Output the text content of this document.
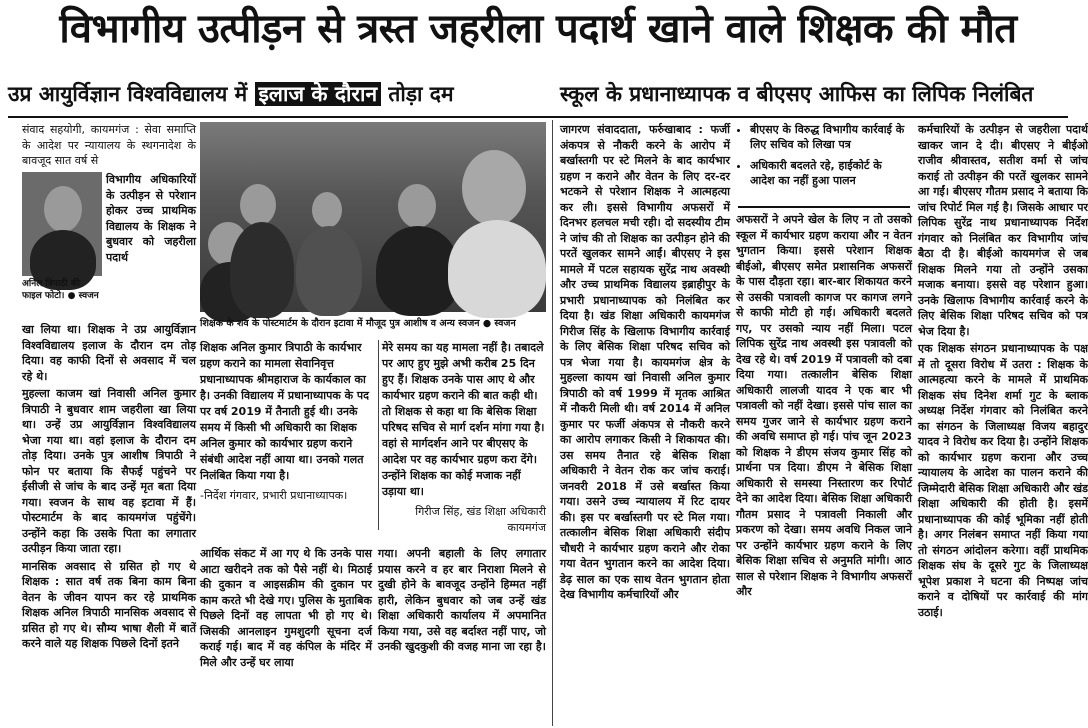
विभागीय उत्पीड़न से त्रस्त जहरीला पदार्थ खाने वाले शिक्षक की मौत
उप्र आयुर्विज्ञान विश्वविद्यालय में इलाज के दौरान तोड़ा दम	स्कूल के प्रधानाध्यापक व बीएसए आफिस का लिपिक निलंबित

संवाद सहयोगी, कायमगंज : सेवा समाप्ति के आदेश पर न्यायालय के स्थगनादेश के बावजूद सात वर्ष से

अनिल त्रिपाठी की फाइल फोटो। ● स्वजन

विभागीय अधिकारियों के उत्पीड़न से परेशान होकर उच्च प्राथमिक विद्यालय के शिक्षक ने बुधवार को जहरीला पदार्थ

खा लिया था। शिक्षक ने उप्र आयुर्विज्ञान विश्वविद्यालय इलाज के दौरान दम तोड़ दिया। वह काफी दिनों से अवसाद में चल रहे थे।

मुहल्ला काजम खां निवासी अनिल कुमार त्रिपाठी ने बुधवार शाम जहरीला खा लिया था। उन्हें उप्र आयुर्विज्ञान विश्वविद्यालय भेजा गया था। वहां इलाज के दौरान दम तोड़ दिया। उनके पुत्र आशीष त्रिपाठी ने फोन पर बताया कि सैफई पहुंचने पर ईसीजी से जांच के बाद उन्हें मृत बता दिया गया। स्वजन के साथ वह इटावा में हैं। पोस्टमार्टम के बाद कायमगंज पहुंचेंगे। उन्होंने कहा कि उसके पिता का लगातार उत्पीड़न किया जाता रहा।

मानसिक अवसाद से ग्रसित हो गए थे शिक्षक : सात वर्ष तक बिना काम बिना वेतन के जीवन यापन कर रहे प्राथमिक शिक्षक अनिल त्रिपाठी मानसिक अवसाद से ग्रसित हो गए थे। सौम्य भाषा शैली में बातें करने वाले यह शिक्षक पिछले दिनों इतने

शिक्षक के शव के पोस्टमार्टम के दौरान इटावा में मौजूद पुत्र आशीष व अन्य स्वजन ● स्वजन
शिक्षक अनिल कुमार त्रिपाठी के कार्यभार ग्रहण कराने का मामला सेवानिवृत्त प्रधानाध्यापक श्रीमहाराज के कार्यकाल का है। उनकी विद्यालय में प्रधानाध्यापक के पद पर वर्ष 2019 में तैनाती हुई थी। उनके समय में किसी भी अधिकारी का शिक्षक अनिल कुमार को कार्यभार ग्रहण कराने संबंधी आदेश नहीं आया था। उनको गलत निलंबित किया गया है।
-निर्देश गंगवार, प्रभारी प्रधानाध्यापक।
मेरे समय का यह मामला नहीं है। तबादले पर आए हुए मुझे अभी करीब 25 दिन हुए हैं। शिक्षक उनके पास आए थे और कार्यभार ग्रहण कराने की बात कही थी। तो शिक्षक से कहा था कि बेसिक शिक्षा परिषद सचिव से मार्ग दर्शन मांगा गया है। वहां से मार्गदर्शन आने पर बीएसए के आदेश पर वह कार्यभार ग्रहण करा देंगे। उन्होंने शिक्षक का कोई मजाक नहीं उड़ाया था।
गिरीज सिंह, खंड शिक्षा अधिकारी कायमगंज

आर्थिक संकट में आ गए थे कि उनके पास आटा खरीदने तक को पैसे नहीं थे। मिठाई की दुकान व आइसक्रीम की दुकान पर काम करते भी देखे गए। पुलिस के मुताबिक पिछले दिनों वह लापता भी हो गए थे। जिसकी आनलाइन गुमशुदगी सूचना दर्ज कराई गई। बाद में वह कंपिल के मंदिर में मिले और उन्हें घर लाया

गया। अपनी बहाली के लिए लगातार प्रयास करने व हर बार निराशा मिलने से दुखी होने के बावजूद उन्होंने हिम्मत नहीं हारी, लेकिन बुधवार को जब उन्हें खंड शिक्षा अधिकारी कार्यालय में अपमानित किया गया, उसे वह बर्दाश्त नहीं पाए, जो उनकी खुदकुशी की वजह माना जा रहा है।

जागरण संवाददाता, फर्रुखाबाद : फर्जी अंकपत्र से नौकरी करने के आरोप में बर्खास्तगी पर स्टे मिलने के बाद कार्यभार ग्रहण न कराने और वेतन के लिए दर-दर भटकने से परेशान शिक्षक ने आत्महत्या कर ली। इससे विभागीय अफसरों में दिनभर हलचल मची रही। दो सदस्यीय टीम ने जांच की तो शिक्षक का उत्पीड़न होने की परतें खुलकर सामने आईं। बीएसए ने इस मामले में पटल सहायक सुरेंद्र नाथ अवस्थी और उच्च प्राथमिक विद्यालय इब्राहीपुर के प्रभारी प्रधानाध्यापक को निलंबित कर दिया है। खंड शिक्षा अधिकारी कायमगंज गिरीज सिंह के खिलाफ विभागीय कार्रवाई के लिए बेसिक शिक्षा परिषद सचिव को पत्र भेजा गया है। कायमगंज क्षेत्र के मुहल्ला कायम खां निवासी अनिल कुमार त्रिपाठी को वर्ष 1999 में मृतक आश्रित में नौकरी मिली थी। वर्ष 2014 में अनिल कुमार पर फर्जी अंकपत्र से नौकरी करने का आरोप लगाकर किसी ने शिकायत की। उस समय तैनात रहे बेसिक शिक्षा अधिकारी ने वेतन रोक कर जांच कराई। जनवरी 2018 में उसे बर्खास्त किया गया। उसने उच्च न्यायालय में रिट दायर की। इस पर बर्खास्तगी पर स्टे मिल गया। तत्कालीन बेसिक शिक्षा अधिकारी संदीप चौधरी ने कार्यभार ग्रहण कराने और रोका गया वेतन भुगतान करने का आदेश दिया। डेढ़ साल का एक साथ वेतन भुगतान होता देख विभागीय कर्मचारियों और

• बीएसए के विरुद्ध विभागीय कार्रवाई के लिए सचिव को लिखा पत्र
• अधिकारी बदलते रहे, हाईकोर्ट के आदेश का नहीं हुआ पालन

अफसरों ने अपने खेल के लिए न तो उसको स्कूल में कार्यभार ग्रहण कराया और न वेतन भुगतान किया। इससे परेशान शिक्षक बीईओ, बीएसए समेत प्रशासनिक अफसरों के पास दौड़ता रहा। बार-बार शिकायत करने से उसकी पत्रावली कागज पर कागज लगने से काफी मोटी हो गई। अधिकारी बदलते गए, पर उसको न्याय नहीं मिला। पटल लिपिक सुरेंद्र नाथ अवस्थी इस पत्रावली को देख रहे थे। वर्ष 2019 में पत्रावली को दबा दिया गया। तत्कालीन बेसिक शिक्षा अधिकारी लालजी यादव ने एक बार भी पत्रावली को नहीं देखा। इससे पांच साल का समय गुजर जाने से कार्यभार ग्रहण कराने की अवधि समाप्त हो गई। पांच जून 2023 को शिक्षक ने डीएम संजय कुमार सिंह को प्रार्थना पत्र दिया। डीएम ने बेसिक शिक्षा अधिकारी से समस्या निस्तारण कर रिपोर्ट देने का आदेश दिया। बेसिक शिक्षा अधिकारी गौतम प्रसाद ने पत्रावली निकाली और प्रकरण को देखा। समय अवधि निकल जाने पर उन्होंने कार्यभार ग्रहण कराने के लिए बेसिक शिक्षा सचिव से अनुमति मांगी। आठ साल से परेशान शिक्षक ने विभागीय अफसरों और

कर्मचारियों के उत्पीड़न से जहरीला पदार्थ खाकर जान दे दी। बीएसए ने बीईओ राजीव श्रीवास्तव, सतीश वर्मा से जांच कराई तो उत्पीड़न की परतें खुलकर सामने आ गईं। बीएसए गौतम प्रसाद ने बताया कि जांच रिपोर्ट मिल गई है। जिसके आधार पर लिपिक सुरेंद्र नाथ प्रधानाध्यापक निर्देश गंगवार को निलंबित कर विभागीय जांच बैठा दी है। बीईओ कायमगंज से जब शिक्षक मिलने गया तो उन्होंने उसका मजाक बनाया। इससे वह परेशान हुआ। उनके खिलाफ विभागीय कार्रवाई करने के लिए बेसिक शिक्षा परिषद सचिव को पत्र भेज दिया है।

एक शिक्षक संगठन प्रधानाध्यापक के पक्ष में तो दूसरा विरोध में उतरा : शिक्षक के आत्महत्या करने के मामले में प्राथमिक शिक्षक संघ दिनेश शर्मा गुट के ब्लाक अध्यक्ष निर्देश गंगवार को निलंबित करने का संगठन के जिलाध्यक्ष विजय बहादुर यादव ने विरोध कर दिया है। उन्होंने शिक्षक को कार्यभार ग्रहण कराना और उच्च न्यायालय के आदेश का पालन कराने की जिम्मेदारी बेसिक शिक्षा अधिकारी और खंड शिक्षा अधिकारी की होती है। इसमें प्रधानाध्यापक की कोई भूमिका नहीं होती है। अगर निलंबन समाप्त नहीं किया गया तो संगठन आंदोलन करेगा। वहीं प्राथमिक शिक्षक संघ के दूसरे गुट के जिलाध्यक्ष भूपेश प्रकाश ने घटना की निष्पक्ष जांच कराने व दोषियों पर कार्रवाई की मांग उठाई।
